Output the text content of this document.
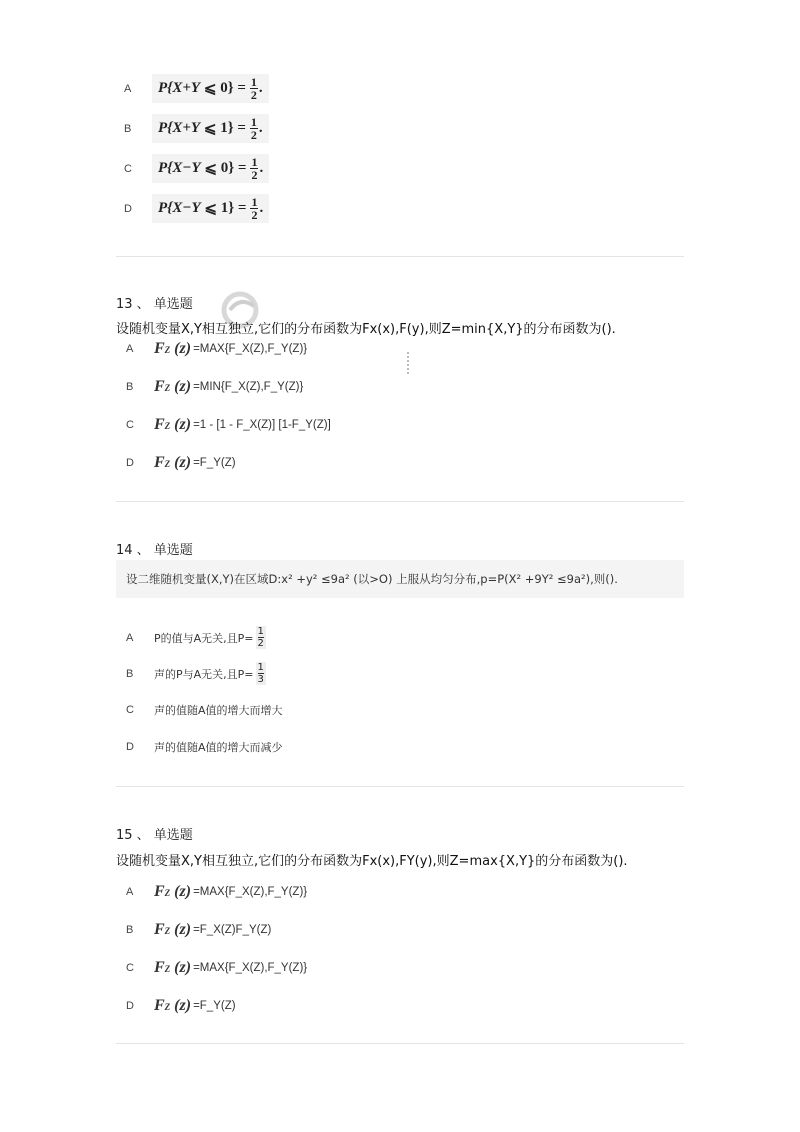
A	P{X+Y
⩽
$0\} = \frac{1}{2}$ .
B	P{X+Y
⩽
$1\} = \frac{1}{2}$ .
C	P{X−Y
⩽
$0\} = \frac{1}{2}$ .
D	P{X−Y
⩽
$1\} = \frac{1}{2}$ .
13 、 单选题
设随机变量X,Y相互独立,它们的分布函数为Fx(x),F(y),则Z=min{X,Y}的分布函数为().
A	FZ (z) =MAX{F_X(Z),F_Y(Z)}
B	FZ (z) =MIN{F_X(Z),F_Y(Z)}
C	FZ (z) =1 - [1 - F_X(Z)] [1-F_Y(Z)]
D	FZ (z) =F_Y(Z)
14 、 单选题
设二维随机变量(X,Y)在区域D:x² +y² ≤9a² (以>O) 上服从均匀分布,p=P(X² +9Y² ≤9a²),则().
A	P的值与A无关,且$P= \frac{1}{2}$
B	声的P与A无关,且$P= \frac{1}{3}$
C	声的值随A值的增大而增大
D	声的值随A值的增大而减少
15 、 单选题
设随机变量X,Y相互独立,它们的分布函数为Fx(x),FY(y),则Z=max{X,Y}的分布函数为().
A	FZ (z) =MAX{F_X(Z),F_Y(Z)}
B	FZ (z) =F_X(Z)F_Y(Z)
C	FZ (z) =MAX{F_X(Z),F_Y(Z)}
D	FZ (z) =F_Y(Z)
